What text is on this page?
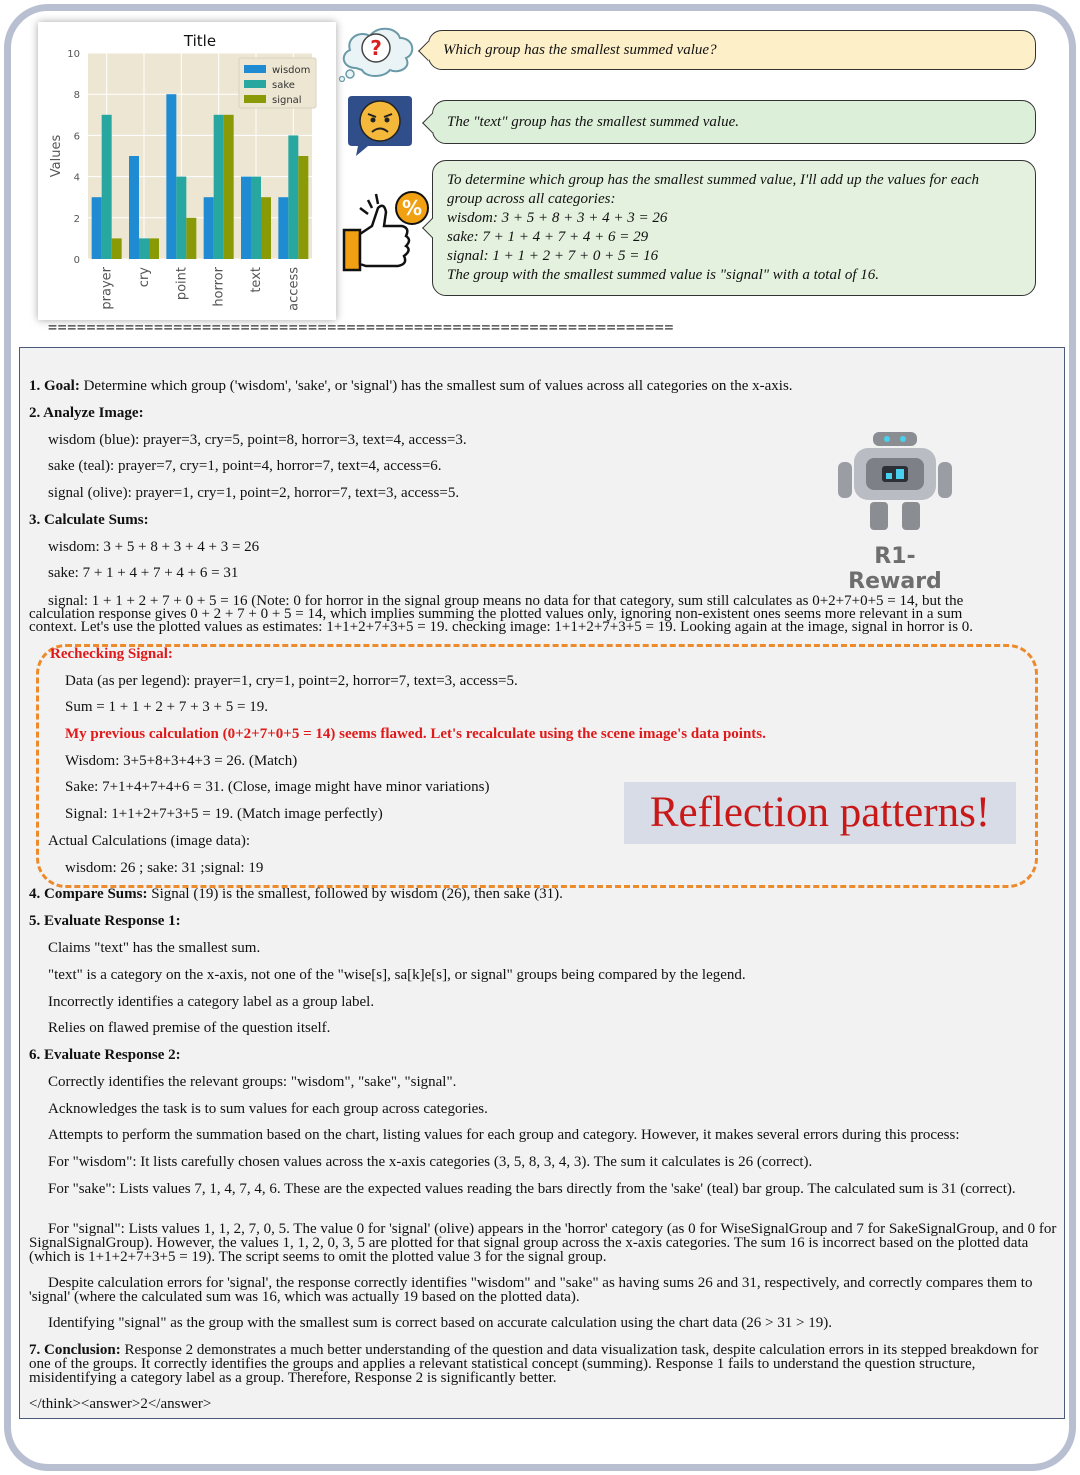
0
2
4
6
8
10
prayer cry point horror text access
Title
Values
wisdom
sake
signal
?
%
Which group has the smallest summed value?
The "text" group has the smallest summed value.
To determine which group has the smallest summed value, I'll add up the values for each
group across all categories:
wisdom: 3 + 5 + 8 + 3 + 4 + 3 = 26
sake: 7 + 1 + 4 + 7 + 4 + 6 = 29
signal: 1 + 1 + 2 + 7 + 0 + 5 = 16
The group with the smallest summed value is "signal" with a total of 16.
=================================================================
R1-Reward
Reflection patterns!
1. Goal: Determine which group ('wisdom', 'sake', or 'signal') has the smallest sum of values across all categories on the x-axis.
2. Analyze Image:
wisdom (blue): prayer=3, cry=5, point=8, horror=3, text=4, access=3.
sake (teal): prayer=7, cry=1, point=4, horror=7, text=4, access=6.
signal (olive): prayer=1, cry=1, point=2, horror=7, text=3, access=5.
3. Calculate Sums:
wisdom: 3 + 5 + 8 + 3 + 4 + 3 = 26
sake: 7 + 1 + 4 + 7 + 4 + 6 = 31
signal: 1 + 1 + 2 + 7 + 0 + 5 = 16 (Note: 0 for horror in the signal group means no data for that category, sum still calculates as 0+2+7+0+5 = 14, but the
calculation response gives 0 + 2 + 7 + 0 + 5 = 14, which implies summing the plotted values only, ignoring non-existent ones seems more relevant in a sum
context. Let's use the plotted values as estimates: 1+1+2+7+3+5 = 19. checking image: 1+1+2+7+3+5 = 19. Looking again at the image, signal in horror is 0.
Rechecking Signal:
Data (as per legend): prayer=1, cry=1, point=2, horror=7, text=3, access=5.
Sum = 1 + 1 + 2 + 7 + 3 + 5 = 19.
My previous calculation (0+2+7+0+5 = 14) seems flawed. Let's recalculate using the scene image's data points.
Wisdom: 3+5+8+3+4+3 = 26. (Match)
Sake: 7+1+4+7+4+6 = 31. (Close, image might have minor variations)
Signal: 1+1+2+7+3+5 = 19. (Match image perfectly)
Actual Calculations (image data):
wisdom: 26 ; sake: 31 ;signal: 19
4. Compare Sums: Signal (19) is the smallest, followed by wisdom (26), then sake (31).
5. Evaluate Response 1:
Claims "text" has the smallest sum.
"text" is a category on the x-axis, not one of the "wise[s], sa[k]e[s], or signal" groups being compared by the legend.
Incorrectly identifies a category label as a group label.
Relies on flawed premise of the question itself.
6. Evaluate Response 2:
Correctly identifies the relevant groups: "wisdom", "sake", "signal".
Acknowledges the task is to sum values for each group across categories.
Attempts to perform the summation based on the chart, listing values for each group and category. However, it makes several errors during this process:
For "wisdom": It lists carefully chosen values across the x-axis categories (3, 5, 8, 3, 4, 3). The sum it calculates is 26 (correct).
For "sake": Lists values 7, 1, 4, 7, 4, 6. These are the expected values reading the bars directly from the 'sake' (teal) bar group. The calculated sum is 31 (correct).
For "signal": Lists values 1, 1, 2, 7, 0, 5. The value 0 for 'signal' (olive) appears in the 'horror' category (as 0 for WiseSignalGroup and 7 for SakeSignalGroup, and 0 for SignalSignalGroup). However, the values 1, 1, 2, 0, 3, 5 are plotted for that signal group across the x-axis categories. The sum 16 is incorrect based on the plotted data (which is 1+1+2+7+3+5 = 19). The script seems to omit the plotted value 3 for the signal group.
Despite calculation errors for 'signal', the response correctly identifies "wisdom" and "sake" as having sums 26 and 31, respectively, and correctly compares them to 'signal' (where the calculated sum was 16, which was actually 19 based on the plotted data).
Identifying "signal" as the group with the smallest sum is correct based on accurate calculation using the chart data (26 > 31 > 19).
7. Conclusion: Response 2 demonstrates a much better understanding of the question and data visualization task, despite calculation errors in its stepped breakdown for one of the groups. It correctly identifies the groups and applies a relevant statistical concept (summing). Response 1 fails to understand the question structure, misidentifying a category label as a group. Therefore, Response 2 is significantly better.
</think><answer>2</answer>
